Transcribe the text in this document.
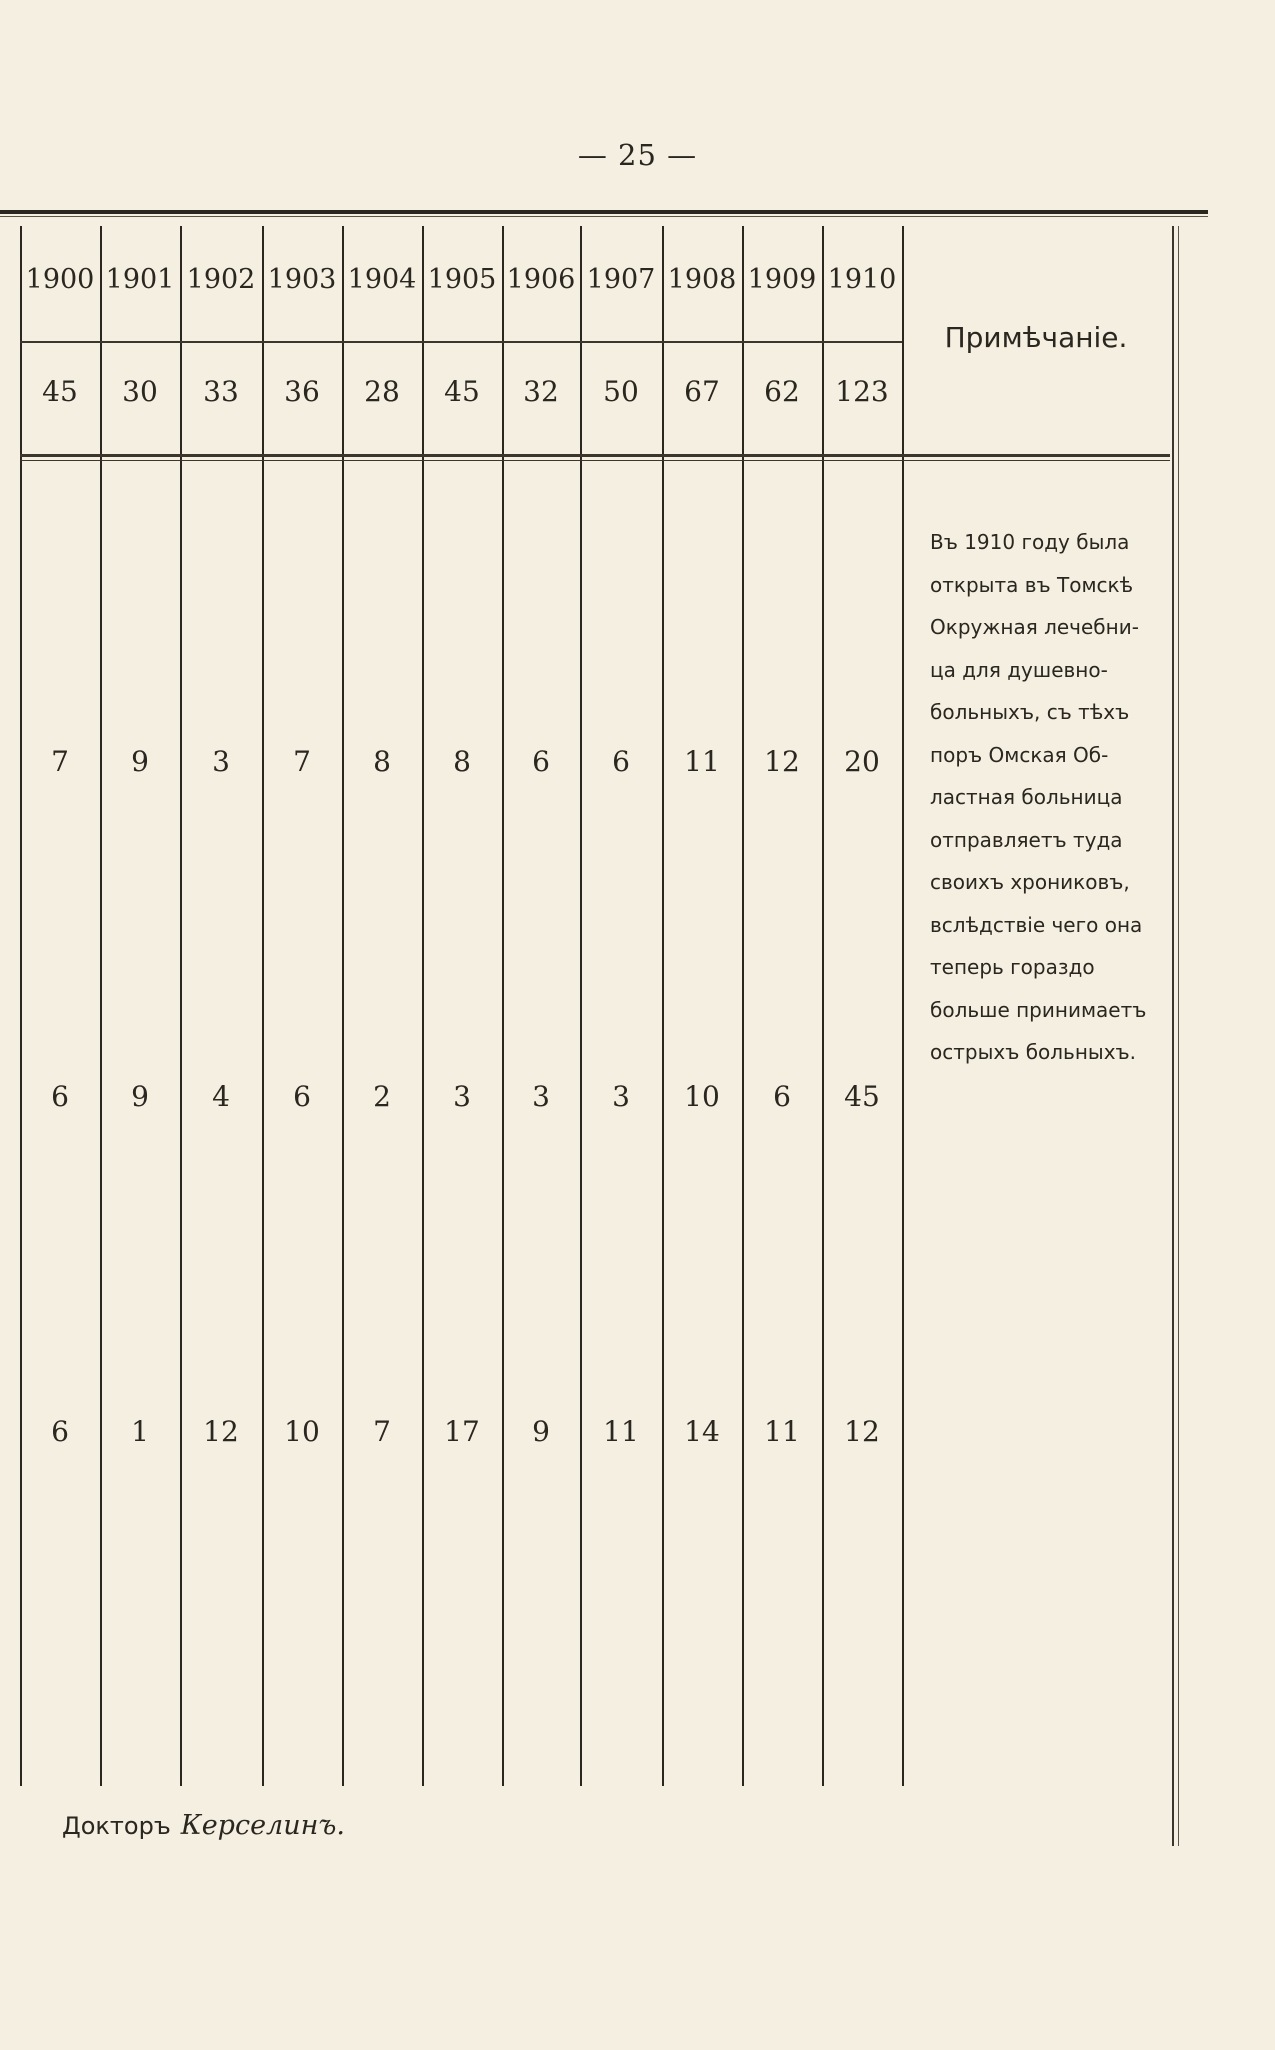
— 25 —
Примѣчаніе.
Въ 1910 году была
открыта въ Томскѣ
Окружная лечебни-
ца для душевно-
больныхъ, съ тѣхъ
поръ Омская Об-
ластная больница
отправляетъ туда
своихъ хрониковъ,
вслѣдствіе чего она
теперь гораздо
больше принимаетъ
острыхъ больныхъ.
1900 1901 1902 1903 1904 1905 1906 1907 1908 1909 1910
45	30	33	36	28	45	32	50	67	62	123
7	9	3	7	8	8	6	6	11	12	20
6	9	4	6	2	3	3	3	10	6	45
6	1	12	10	7	17	9	11	14	11	12
Докторъ Керселинъ.
